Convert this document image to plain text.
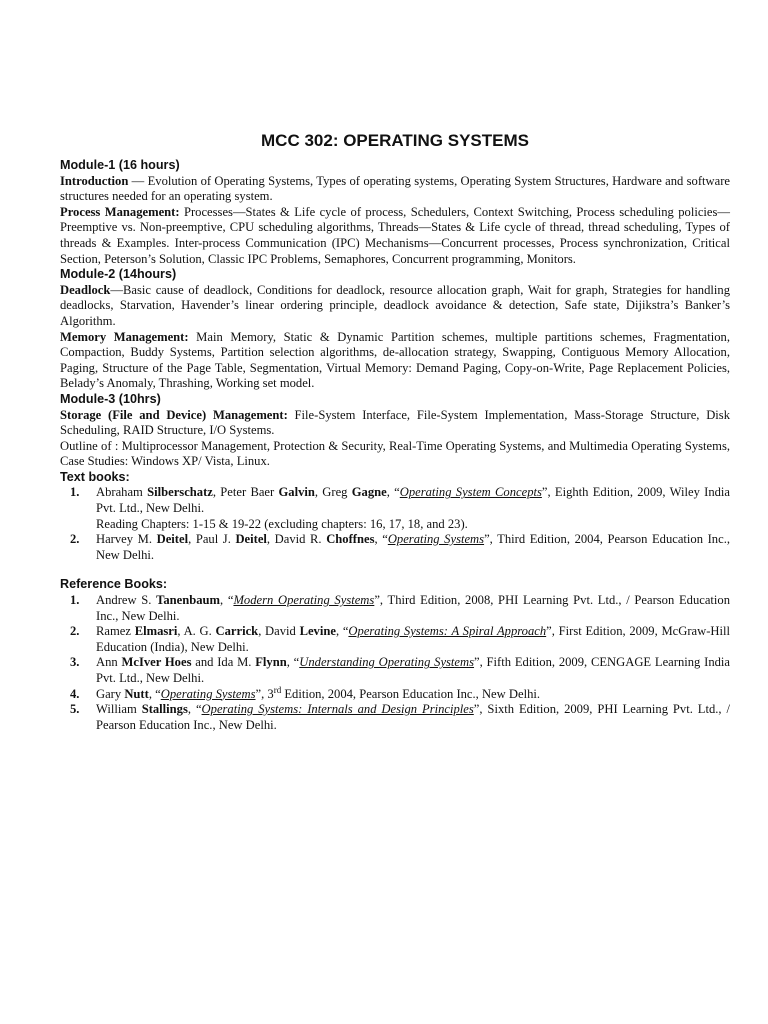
MCC 302: OPERATING SYSTEMS
Module-1 (16 hours)

Introduction — Evolution of Operating Systems, Types of operating systems, Operating System Structures, Hardware and software structures needed for an operating system.

Process Management: Processes—States & Life cycle of process, Schedulers, Context Switching, Process scheduling policies—Preemptive vs. Non-preemptive, CPU scheduling algorithms, Threads—States & Life cycle of thread, thread scheduling, Types of threads & Examples. Inter-process Communication (IPC) Mechanisms—Concurrent processes, Process synchronization, Critical Section, Peterson’s Solution, Classic IPC Problems, Semaphores, Concurrent programming, Monitors.

Module-2 (14hours)

Deadlock—Basic cause of deadlock, Conditions for deadlock, resource allocation graph, Wait for graph, Strategies for handling deadlocks, Starvation, Havender’s linear ordering principle, deadlock avoidance & detection, Safe state, Dijikstra’s Banker’s Algorithm.

Memory Management: Main Memory, Static & Dynamic Partition schemes, multiple partitions schemes, Fragmentation, Compaction, Buddy Systems, Partition selection algorithms, de-allocation strategy, Swapping, Contiguous Memory Allocation, Paging, Structure of the Page Table, Segmentation, Virtual Memory: Demand Paging, Copy-on-Write, Page Replacement Policies, Belady’s Anomaly, Thrashing, Working set model.

Module-3 (10hrs)

Storage (File and Device) Management: File-System Interface, File-System Implementation, Mass-Storage Structure, Disk Scheduling, RAID Structure, I/O Systems.

Outline of : Multiprocessor Management, Protection & Security, Real-Time Operating Systems, and Multimedia Operating Systems, Case Studies: Windows XP/ Vista, Linux.

Text books:
1. Abraham Silberschatz, Peter Baer Galvin, Greg Gagne, “Operating System Concepts”, Eighth Edition, 2009, Wiley India Pvt. Ltd., New Delhi.
Reading Chapters: 1-15 & 19-22 (excluding chapters: 16, 17, 18, and 23).
2. Harvey M. Deitel, Paul J. Deitel, David R. Choffnes, “Operating Systems”, Third Edition, 2004, Pearson Education Inc., New Delhi.
Reference Books:
1. Andrew S. Tanenbaum, “Modern Operating Systems”, Third Edition, 2008, PHI Learning Pvt. Ltd., / Pearson Education Inc., New Delhi.
2. Ramez Elmasri, A. G. Carrick, David Levine, “Operating Systems: A Spiral Approach”, First Edition, 2009, McGraw-Hill Education (India), New Delhi.
3. Ann McIver Hoes and Ida M. Flynn, “Understanding Operating Systems”, Fifth Edition, 2009, CENGAGE Learning India Pvt. Ltd., New Delhi.
4. Gary Nutt, “Operating Systems”, 3rd Edition, 2004, Pearson Education Inc., New Delhi.
5. William Stallings, “Operating Systems: Internals and Design Principles”, Sixth Edition, 2009, PHI Learning Pvt. Ltd., / Pearson Education Inc., New Delhi.
